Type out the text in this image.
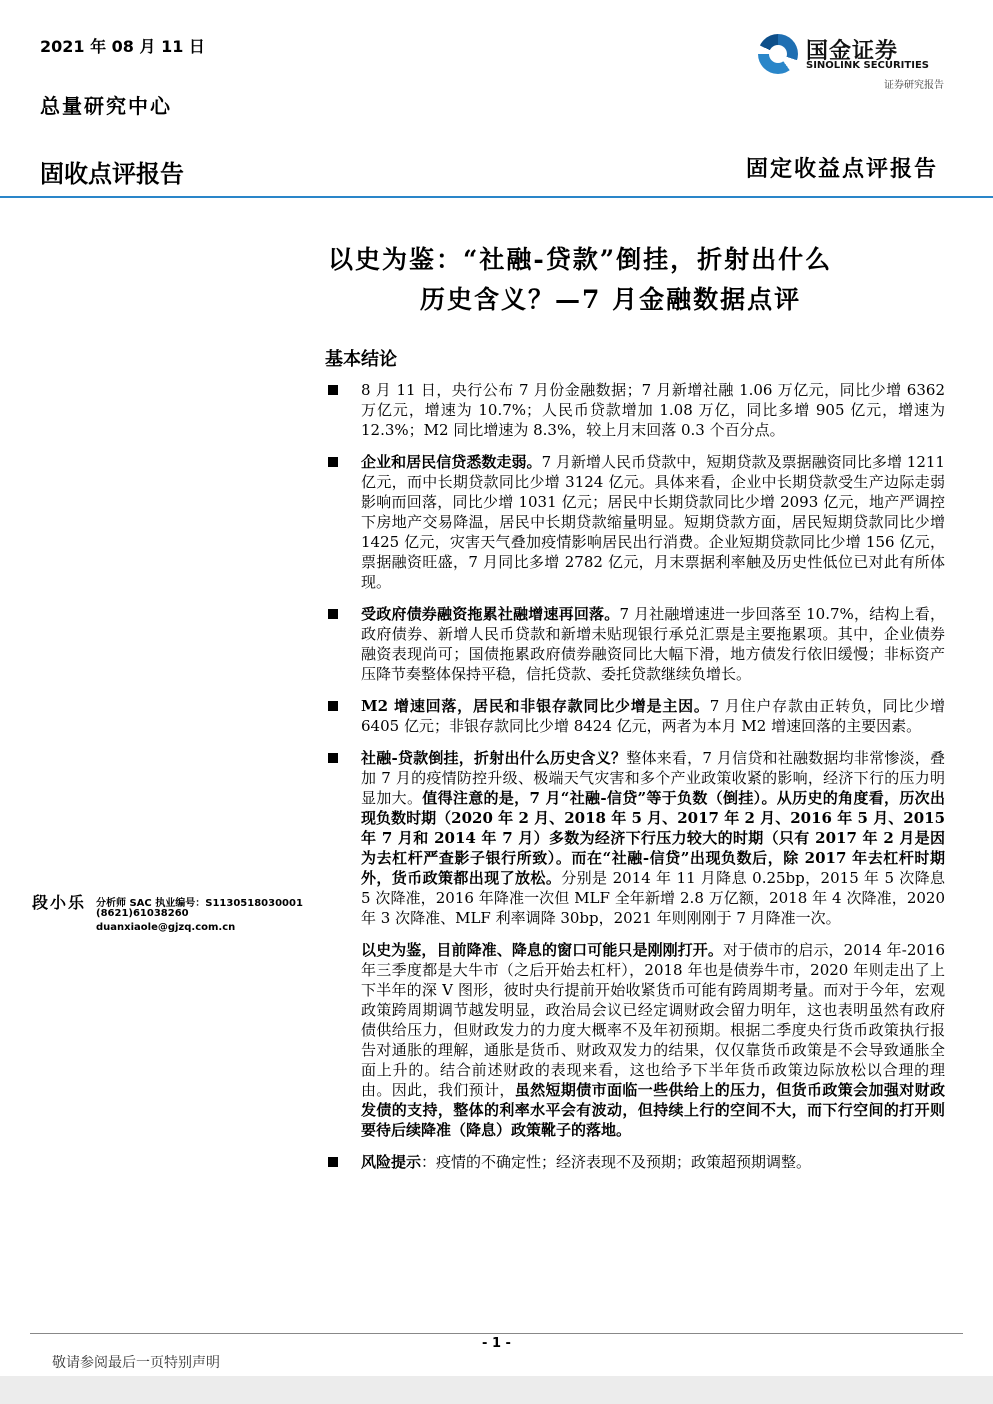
2021 年 08 月 11 日
总量研究中心
国金证券
SINOLINK SECURITIES
证券研究报告
固收点评报告	固定收益点评报告
以史为鉴：“社融-贷款”倒挂，折射出什么
历史含义？—7 月金融数据点评
基本结论
8 月 11 日，央行公布 7 月份金融数据；7 月新增社融 1.06 万亿元，同比少增 6362 万亿元，增速为 10.7%；人民币贷款增加 1.08 万亿，同比多增 905 亿元，增速为 12.3%；M2 同比增速为 8.3%，较上月末回落 0.3 个百分点。
企业和居民信贷悉数走弱。7 月新增人民币贷款中，短期贷款及票据融资同比多增 1211 亿元，而中长期贷款同比少增 3124 亿元。具体来看，企业中长期贷款受生产边际走弱影响而回落，同比少增 1031 亿元；居民中长期贷款同比少增 2093 亿元，地产严调控下房地产交易降温，居民中长期贷款缩量明显。短期贷款方面，居民短期贷款同比少增 1425 亿元，灾害天气叠加疫情影响居民出行消费。企业短期贷款同比少增 156 亿元，票据融资旺盛，7 月同比多增 2782 亿元，月末票据利率触及历史性低位已对此有所体现。
受政府债券融资拖累社融增速再回落。7 月社融增速进一步回落至 10.7%，结构上看，政府债券、新增人民币贷款和新增未贴现银行承兑汇票是主要拖累项。其中，企业债券融资表现尚可；国债拖累政府债券融资同比大幅下滑，地方债发行依旧缓慢；非标资产压降节奏整体保持平稳，信托贷款、委托贷款继续负增长。
M2 增速回落，居民和非银存款同比少增是主因。7 月住户存款由正转负，同比少增 6405 亿元；非银存款同比少增 8424 亿元，两者为本月 M2 增速回落的主要因素。
社融-贷款倒挂，折射出什么历史含义？整体来看，7 月信贷和社融数据均非常惨淡，叠加 7 月的疫情防控升级、极端天气灾害和多个产业政策收紧的影响，经济下行的压力明显加大。值得注意的是，7 月“社融-信贷”等于负数（倒挂）。从历史的角度看，历次出现负数时期（2020 年 2 月、2018 年 5 月、2017 年 2 月、2016 年 5 月、2015 年 7 月和 2014 年 7 月）多数为经济下行压力较大的时期（只有 2017 年 2 月是因为去杠杆严查影子银行所致）。而在“社融-信贷”出现负数后，除 2017 年去杠杆时期外，货币政策都出现了放松。分别是 2014 年 11 月降息 0.25bp，2015 年 5 次降息 5 次降准，2016 年降准一次但 MLF 全年新增 2.8 万亿额，2018 年 4 次降准，2020 年 3 次降准、MLF 利率调降 30bp，2021 年则刚刚于 7 月降准一次。
以史为鉴，目前降准、降息的窗口可能只是刚刚打开。对于债市的启示，2014 年-2016 年三季度都是大牛市（之后开始去杠杆），2018 年也是债券牛市，2020 年则走出了上下半年的深 V 图形，彼时央行提前开始收紧货币可能有跨周期考量。而对于今年，宏观政策跨周期调节越发明显，政治局会议已经定调财政会留力明年，这也表明虽然有政府债供给压力，但财政发力的力度大概率不及年初预期。根据二季度央行货币政策执行报告对通胀的理解，通胀是货币、财政双发力的结果，仅仅靠货币政策是不会导致通胀全面上升的。结合前述财政的表现来看，这也给予下半年货币政策边际放松以合理的理由。因此，我们预计，虽然短期债市面临一些供给上的压力，但货币政策会加强对财政发债的支持，整体的利率水平会有波动，但持续上行的空间不大，而下行空间的打开则要待后续降准（降息）政策靴子的落地。
风险提示：疫情的不确定性；经济表现不及预期；政策超预期调整。
段小乐 分析师 SAC 执业编号：S1130518030001
(8621)61038260
duanxiaole@gjzq.com.cn
- 1 -
敬请参阅最后一页特别声明
